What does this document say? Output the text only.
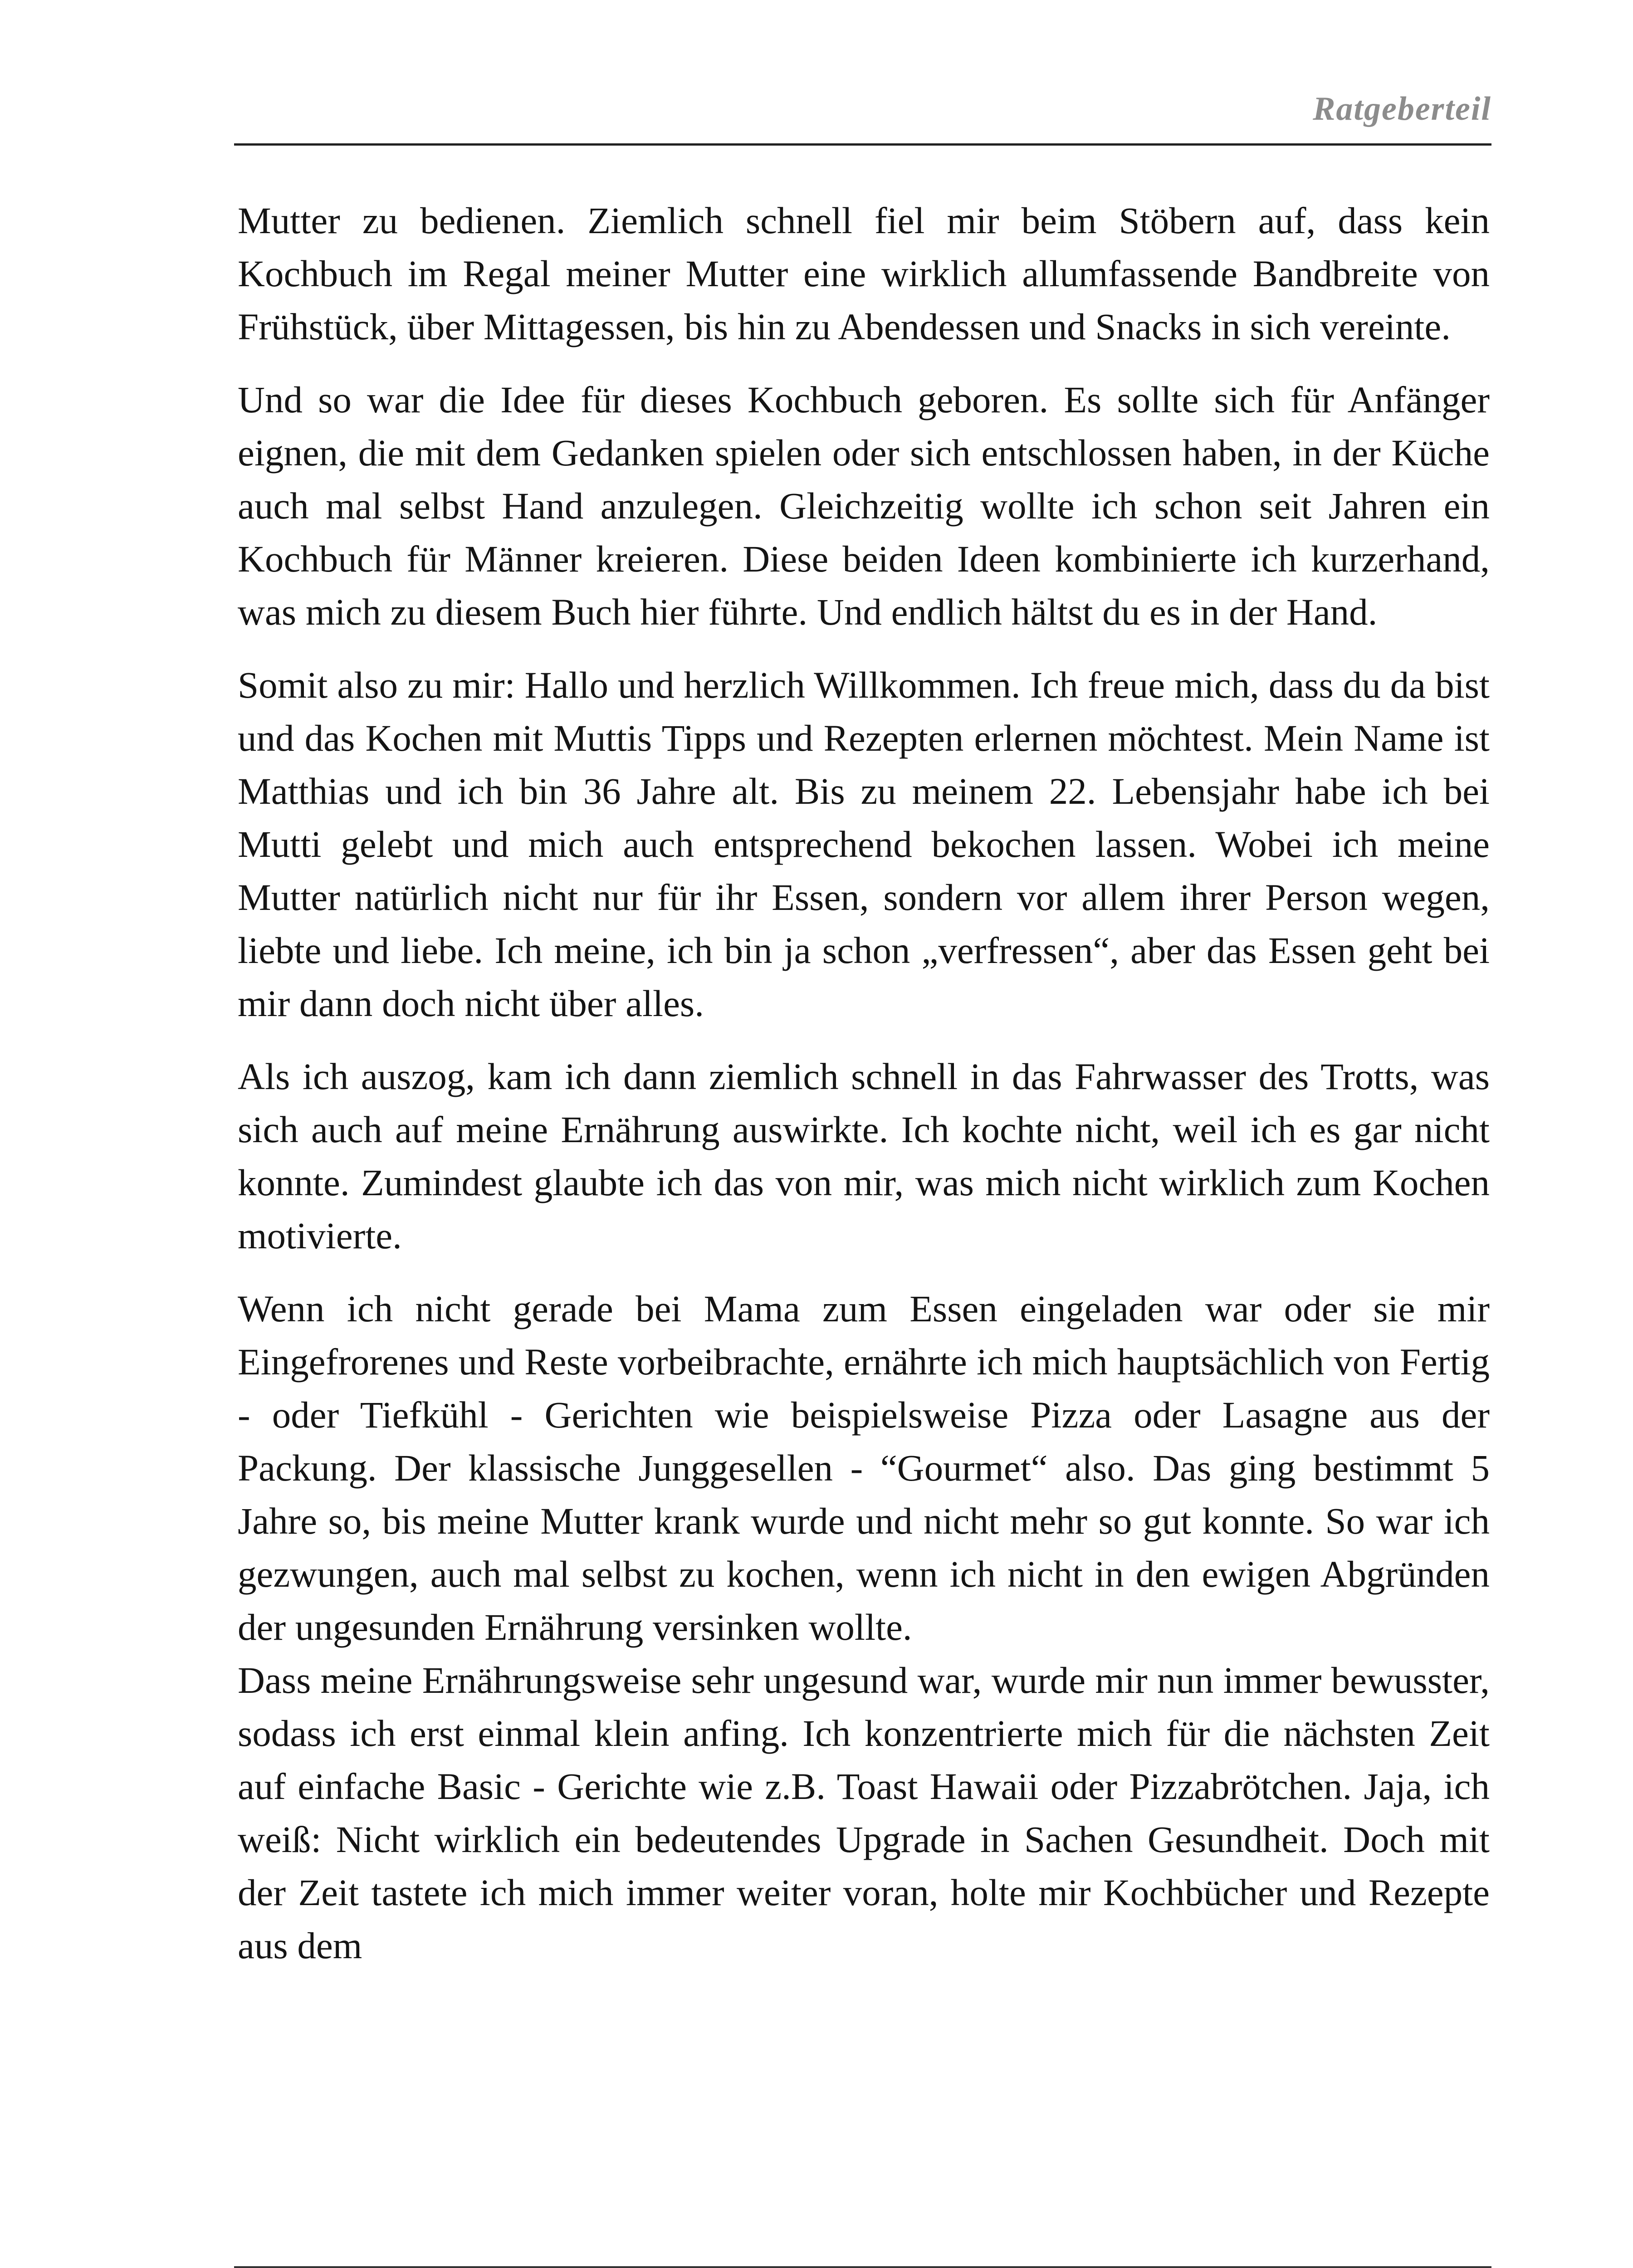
Ratgeberteil

Mutter zu bedienen. Ziemlich schnell fiel mir beim Stöbern auf, dass kein Kochbuch im Regal meiner Mutter eine wirklich allumfassende Bandbreite von Frühstück, über Mittagessen, bis hin zu Abendessen und Snacks in sich vereinte.

Und so war die Idee für dieses Kochbuch geboren. Es sollte sich für Anfänger eignen, die mit dem Gedanken spielen oder sich entschlossen haben, in der Küche auch mal selbst Hand anzulegen. Gleichzeitig wollte ich schon seit Jahren ein Kochbuch für Männer kreieren. Diese beiden Ideen kombinierte ich kurzerhand, was mich zu diesem Buch hier führte. Und endlich hältst du es in der Hand.

Somit also zu mir: Hallo und herzlich Willkommen. Ich freue mich, dass du da bist und das Kochen mit Muttis Tipps und Rezepten erlernen möchtest. Mein Name ist Matthias und ich bin 36 Jahre alt. Bis zu meinem 22. Lebensjahr habe ich bei Mutti gelebt und mich auch entsprechend bekochen lassen. Wobei ich meine Mutter natürlich nicht nur für ihr Essen, sondern vor allem ihrer Person wegen, liebte und liebe. Ich meine, ich bin ja schon „verfressen“, aber das Essen geht bei mir dann doch nicht über alles.

Als ich auszog, kam ich dann ziemlich schnell in das Fahrwasser des Trotts, was sich auch auf meine Ernährung auswirkte. Ich kochte nicht, weil ich es gar nicht konnte. Zumindest glaubte ich das von mir, was mich nicht wirklich zum Kochen motivierte.

Wenn ich nicht gerade bei Mama zum Essen eingeladen war oder sie mir Eingefrorenes und Reste vorbeibrachte, ernährte ich mich hauptsächlich von Fertig - oder Tiefkühl - Gerichten wie beispielsweise Pizza oder Lasagne aus der Packung. Der klassische Junggesellen - “Gourmet“ also. Das ging bestimmt 5 Jahre so, bis meine Mutter krank wurde und nicht mehr so gut konnte. So war ich gezwungen, auch mal selbst zu kochen, wenn ich nicht in den ewigen Abgründen der ungesunden Ernährung versinken wollte.

Dass meine Ernährungsweise sehr ungesund war, wurde mir nun immer bewusster, sodass ich erst einmal klein anfing. Ich konzentrierte mich für die nächsten Zeit auf einfache Basic - Gerichte wie z.B. Toast Hawaii oder Pizzabrötchen. Jaja, ich weiß: Nicht wirklich ein bedeutendes Upgrade in Sachen Gesundheit. Doch mit der Zeit tastete ich mich immer weiter voran, holte mir Kochbücher und Rezepte aus dem
